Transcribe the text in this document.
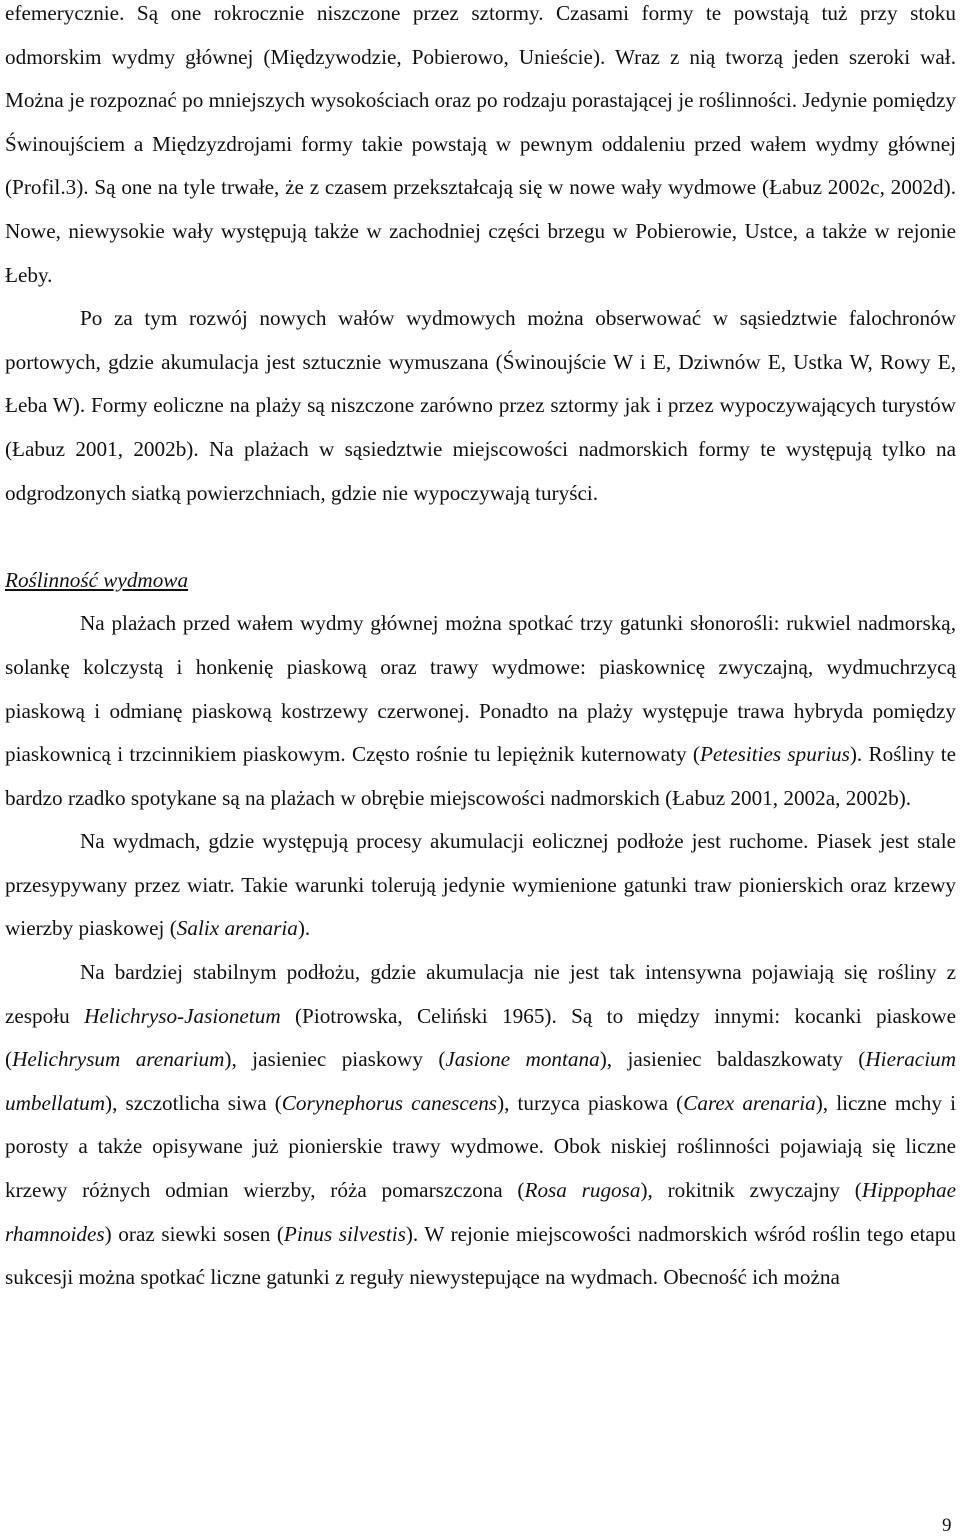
efemerycznie. Są one rokrocznie niszczone przez sztormy. Czasami formy te powstają tuż przy stoku odmorskim wydmy głównej (Międzywodzie, Pobierowo, Unieście). Wraz z nią tworzą jeden szeroki wał. Można je rozpoznać po mniejszych wysokościach oraz po rodzaju porastającej je roślinności. Jedynie pomiędzy Świnoujściem a Międzyzdrojami formy takie powstają w pewnym oddaleniu przed wałem wydmy głównej (Profil.3). Są one na tyle trwałe, że z czasem przekształcają się w nowe wały wydmowe (Łabuz 2002c, 2002d). Nowe, niewysokie wały występują także w zachodniej części brzegu w Pobierowie, Ustce, a także w rejonie Łeby.

Po za tym rozwój nowych wałów wydmowych można obserwować w sąsiedztwie falochronów portowych, gdzie akumulacja jest sztucznie wymuszana (Świnoujście W i E, Dziwnów E, Ustka W, Rowy E, Łeba W). Formy eoliczne na plaży są niszczone zarówno przez sztormy jak i przez wypoczywających turystów (Łabuz 2001, 2002b). Na plażach w sąsiedztwie miejscowości nadmorskich formy te występują tylko na odgrodzonych siatką powierzchniach, gdzie nie wypoczywają turyści.

Roślinność wydmowa

Na plażach przed wałem wydmy głównej można spotkać trzy gatunki słonorośli: rukwiel nadmorską, solankę kolczystą i honkenię piaskową oraz trawy wydmowe: piaskownicę zwyczajną, wydmuchrzycą piaskową i odmianę piaskową kostrzewy czerwonej. Ponadto na plaży występuje trawa hybryda pomiędzy piaskownicą i trzcinnikiem piaskowym. Często rośnie tu lepiężnik kuternowaty (Petesities spurius). Rośliny te bardzo rzadko spotykane są na plażach w obrębie miejscowości nadmorskich (Łabuz 2001, 2002a, 2002b).

Na wydmach, gdzie występują procesy akumulacji eolicznej podłoże jest ruchome. Piasek jest stale przesypywany przez wiatr. Takie warunki tolerują jedynie wymienione gatunki traw pionierskich oraz krzewy wierzby piaskowej (Salix arenaria).

Na bardziej stabilnym podłożu, gdzie akumulacja nie jest tak intensywna pojawiają się rośliny z zespołu Helichryso-Jasionetum (Piotrowska, Celiński 1965). Są to między innymi: kocanki piaskowe (Helichrysum arenarium), jasieniec piaskowy (Jasione montana), jasieniec baldaszkowaty (Hieracium umbellatum), szczotlicha siwa (Corynephorus canescens), turzyca piaskowa (Carex arenaria), liczne mchy i porosty a także opisywane już pionierskie trawy wydmowe. Obok niskiej roślinności pojawiają się liczne krzewy różnych odmian wierzby, róża pomarszczona (Rosa rugosa), rokitnik zwyczajny (Hippophae rhamnoides) oraz siewki sosen (Pinus silvestis). W rejonie miejscowości nadmorskich wśród roślin tego etapu sukcesji można spotkać liczne gatunki z reguły niewystepujące na wydmach. Obecność ich można

9
